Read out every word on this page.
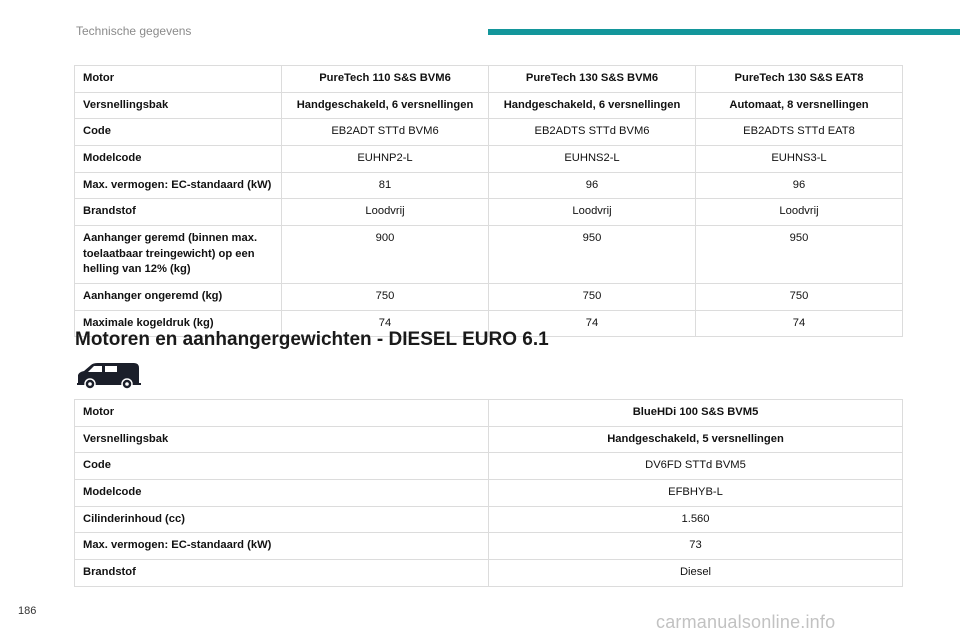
Technische gegevens
Motor	PureTech 110 S&S BVM6	PureTech 130 S&S BVM6	PureTech 130 S&S EAT8
Versnellingsbak	Handgeschakeld, 6 versnellingen	Handgeschakeld, 6 versnellingen	Automaat, 8 versnellingen
Code	EB2ADT STTd BVM6	EB2ADTS STTd BVM6	EB2ADTS STTd EAT8
Modelcode	EUHNP2-L	EUHNS2-L	EUHNS3-L
Max. vermogen: EC-standaard (kW)	81	96	96
Brandstof	Loodvrij	Loodvrij	Loodvrij
Aanhanger geremd (binnen max. toelaatbaar treingewicht) op een helling van 12% (kg)	900	950	950
Aanhanger ongeremd (kg)	750	750	750
Maximale kogeldruk (kg)	74	74	74
Motoren en aanhangergewichten - DIESEL EURO 6.1
Motor	BlueHDi 100 S&S BVM5
Versnellingsbak	Handgeschakeld, 5 versnellingen
Code	DV6FD STTd BVM5
Modelcode	EFBHYB-L
Cilinderinhoud (cc)	1.560
Max. vermogen: EC-standaard (kW)	73
Brandstof	Diesel
186
carmanualsonline.info
